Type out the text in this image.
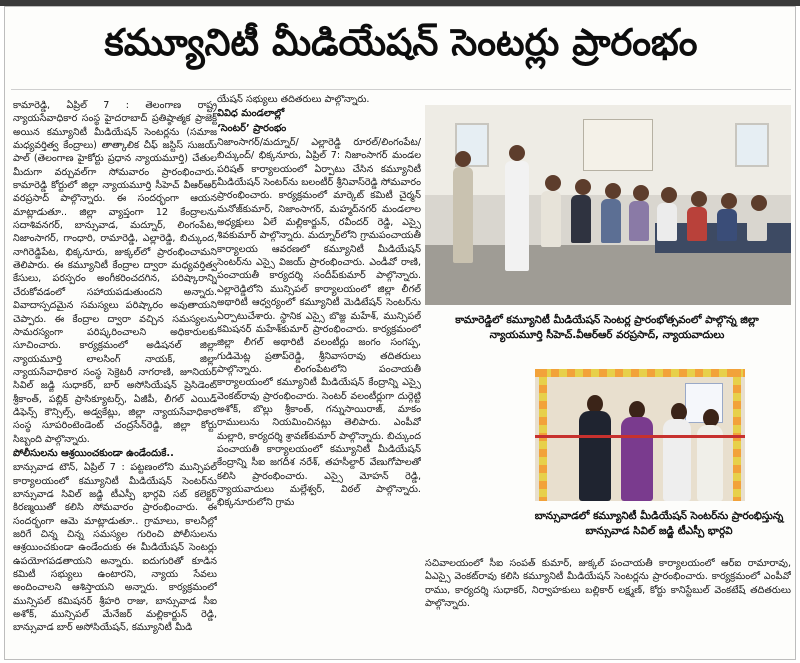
కమ్యూనిటీ మీడియేషన్ సెంటర్లు ప్రారంభం

కామారెడ్డి, ఏప్రిల్ 7 : తెలంగాణ రాష్ట్ర న్యాయసేవాధికార సంస్థ హైదరాబాద్ ప్రతిష్ఠాత్మక ప్రాజెక్ట్ అయిన కమ్యూనిటీ మీడియేషన్ సెంటర్లను (సమాజ మధ్యవర్తిత్వ కేంద్రాలు) తాత్కాలిక చీఫ్ జస్టిస్ సుజయ్ పాల్ (తెలంగాణ హైకోర్టు ప్రధాన న్యాయమూర్తి) చేతుల మీదుగా వర్చువల్‌గా సోమవారం ప్రారంభించారు. కామారెడ్డి కోర్టులో జిల్లా న్యాయమూర్తి సీహెచ్ వీఆర్‌ఆర్ వరప్రసాద్ పాల్గొన్నారు. ఈ సందర్భంగా ఆయన మాట్లాడుతూ.. జిల్లా వ్యాప్తంగా 12 కేంద్రాలను సదాశివనగర్, బాన్సువాడ, మద్నూర్, లింగంపేట, నిజాంసాగర్, గాంధారి, రామారెడ్డి, ఎల్లారెడ్డి, బిచ్కుంద, నాగిరెడ్డిపేట, భిక్కనూరు, జుక్కల్‌లో ప్రారంభించామని తెలిపారు. ఈ కమ్యూనిటీ కేంద్రాల ద్వారా మధ్యవర్తిత్వ కేసులు, పరస్పరం అంగీకరించదగిన, పరిష్కారాన్ని చేరుకోవడంలో సహాయపడుతుందని అన్నారు. వివాదాస్పదమైన సమస్యలు పరిష్కారం అవుతాయని చెప్పారు. ఈ కేంద్రాల ద్వారా వచ్చిన సమస్యలను సామరస్యంగా పరిష్కరించాలని అధికారులకు సూచించారు. కార్యక్రమంలో అడిషనల్ జిల్లా న్యాయమూర్తి లాలసింగ్ నాయక్, జిల్లా న్యాయసేవాధికార సంస్థ సెక్రెటరీ నాగరాణి, జూనియర్ సివిల్ జడ్జి సుధాకర్, బార్ అసోసియేషన్ ప్రెసిడెంట్ శ్రీకాంత్, పబ్లిక్ ప్రాసిక్యూటర్స్, ఏజీపీ, లీగల్ ఎయిడ్ డిఫెన్స్ కౌన్సిల్స్, అడ్వకేట్లు, జిల్లా న్యాయసేవాధికార సంస్థ సూపరింటెండెంట్ చంద్రసేన్‌రెడ్డి, జిల్లా కోర్టు సిబ్బంది పాల్గొన్నారు.

పోలీసులను ఆశ్రయించకుండా ఉండేందుకే..

బాన్సువాడ టౌన్, ఏప్రిల్ 7 : పట్టణంలోని మున్సిపల్ కార్యాలయంలో కమ్యూనిటీ మీడియేషన్ సెంటర్‌ను బాన్సువాడ సివిల్ జడ్జి టీఎస్పీ భార్గవి సబ్ కలెక్టర్ కిరణ్మయితో కలిసి సోమవారం ప్రారంభించారు. ఈ సందర్భంగా ఆమె మాట్లాడుతూ.. గ్రామాలు, కాలనీల్లో జరిగే చిన్న చిన్న సమస్యల గురించి పోలీసులను ఆశ్రయించకుండా ఉండేందుకు ఈ మీడియేషన్ సెంటర్లు ఉపయోగపడతాయని అన్నారు. ఐదుగురితో కూడిన కమిటీ సభ్యులు ఉంటారని, న్యాయ సేవలు అందించాలని ఆశిస్తాయని అన్నారు. కార్యక్రమంలో మున్సిపల్ కమిషనర్ శ్రీహరి రాజు, బాన్సువాడ సీఐ అశోక్, మున్సిపల్ మేనేజర్ మల్లికార్జున్ రెడ్డి, బాన్సువాడ బార్ అసోసియేషన్, కమ్యూనిటీ మీడి

యేషన్ సభ్యులు తదితరులు పాల్గొన్నారు.

వివిధ మండలాల్లో
‘సెంటర్’ ప్రారంభం

నిజాంసాగర్/మద్నూర్/ ఎల్లారెడ్డి రూరల్/లింగంపేట/బిచ్కుంద్/ భిక్కనూరు, ఏప్రిల్ 7: నిజాంసాగర్ మండల పరిషత్ కార్యాలయంలో ఏర్పాటు చేసిన కమ్యూనిటీ మీడియేషన్ సెంటర్‌ను బలంటీర్ శ్రీనివాస్‌రెడ్డి సోమవారం ప్రారంభించారు. కార్యక్రమంలో మార్కెట్ కమిటీ చైర్మన్ మనోజ్‌కుమార్, నిజాంసాగర్, మహ్మద్‌నగర్ మండలాల అధ్యక్షులు ఏలే మల్లికార్జున్, రవీందర్ రెడ్డి, ఎస్సై శివకుమార్ పాల్గొన్నారు. మద్నూర్‌లోని గ్రామపంచాయతీ కార్యాలయ ఆవరణలో కమ్యూనిటీ మీడియేషన్ సెంటర్‌ను ఎస్సై విజయ్ ప్రారంభించారు. ఎండీవో రాణి, పంచాయతీ కార్యదర్శి సందీప్‌కుమార్ పాల్గొన్నారు. ఎల్లారెడ్డిలోని మున్సిపల్ కార్యాలయంలో జిల్లా లీగల్ అథారిటీ ఆధ్వర్యంలో కమ్యూనిటీ మెడిటేషన్ సెంటర్‌ను ఏర్పాటుచేశారు. స్థానిక ఎస్సై బొజ్జ మహేశ్, మున్సిపల్ కమిషనర్ మహేశ్‌కుమార్ ప్రారంభించారు. కార్యక్రమంలో జిల్లా లీగల్ అథారిటీ వలంటీర్లు జంగం సంగప్ప, గుడిమెట్ల ప్రతాప్‌రెడ్డి, శ్రీనివాసరావు తదితరులు పాల్గొన్నారు. లింగంపేటలోని పంచాయతీ కార్యాలయంలో కమ్యూనిటీ మీడియేషన్ కేంద్రాన్ని ఎస్సై వెంకట్‌రావు ప్రారంభించారు. సెంటర్ వలంటీర్లుగా దుర్గెట్టి అశోక్, బొల్లు శ్రీకాంత్, గన్నుసాయిరాజ్, మాకం రాములును నియమించినట్లు తెలిపారు. ఎంపీవో మల్లారి, కార్యదర్శి శ్రావణ్‌కుమార్ పాల్గొన్నారు. బిచ్కుంద పంచాయతీ కార్యాలయంలో కమ్యూనిటీ మీడియేషన్ కేంద్రాన్ని సీఐ జగదీశ నరేశ్, తహసీల్దార్ వేణుగోపాలతో కలిసి ప్రారంభించారు. ఎస్సై మోహన్ రెడ్డి, న్యాయవాదులు మల్లేశ్వర్, విఠల్ పాల్గొన్నారు. భిక్కనూరులోని గ్రామ

కామారెడ్డిలో కమ్యూనిటీ మీడియేషన్ సెంటర్ల ప్రారంభోత్సవంలో పాల్గొన్న జిల్లా న్యాయమూర్తి సీహెచ్.వీఆర్‌ఆర్ వరప్రసాద్, న్యాయవాదులు
బాన్సువాడలో కమ్యూనిటీ మీడియేషన్ సెంటర్‌ను ప్రారంభిస్తున్న బాన్సువాడ సివిల్ జడ్జి టీఎస్పీ భార్గవి
సచివాలయంలో సీఐ సంపత్ కుమార్, జుక్కల్ పంచాయతీ కార్యాలయంలో ఆర్ఐ రామారావు, ఏఎస్సై వెంకట్‌రావు కలిసి కమ్యూనిటీ మీడియేషన్ సెంటర్లను ప్రారంభించారు. కార్యక్రమంలో ఎంపీవో రాము, కార్యదర్శి సుధాకర్, నిర్వాహకులు బల్లికార్ లక్ష్మణ్, కోర్టు కానిస్టేబుల్ వెంకటేష్ తదితరులు పాల్గొన్నారు.
